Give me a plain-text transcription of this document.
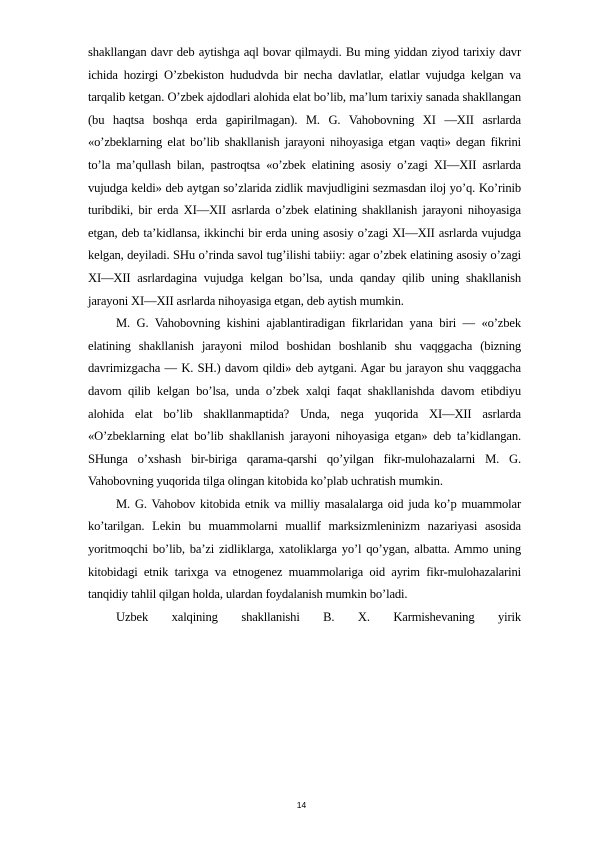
shakllangan davr deb aytishga aql bovar qilmaydi. Bu ming yiddan ziyod tarixiy davr ichida hozirgi O’zbekiston hududvda bir necha davlatlar, elatlar vujudga kelgan va tarqalib ketgan. O’zbek ajdodlari alohida elat bo’lib, ma’lum tarixiy sanada shakllangan (bu haqtsa boshqa erda gapirilmagan). M. G. Vahobovning XI —XII asrlarda «o’zbeklarning elat bo’lib shakllanish jarayoni nihoyasiga etgan vaqti» degan fikrini to’la ma’qullash bilan, pastroqtsa «o’zbek elatining asosiy o’zagi XI—XII asrlarda vujudga keldi» deb aytgan so’zlarida zidlik mavjudligini sezmasdan iloj yo’q. Ko’rinib turibdiki, bir erda XI—XII asrlarda o’zbek elatining shakllanish jarayoni nihoyasiga etgan, deb ta’kidlansa, ikkinchi bir erda uning asosiy o’zagi XI—XII asrlarda vujudga kelgan, deyiladi. SHu o’rinda savol tug’ilishi tabiiy: agar o’zbek elatining asosiy o’zagi XI—XII asrlardagina vujudga kelgan bo’lsa, unda qanday qilib uning shakllanish jarayoni XI—XII asrlarda nihoyasiga etgan, deb aytish mumkin.

M. G. Vahobovning kishini ajablantiradigan fikrlaridan yana biri — «o’zbek elatining shakllanish jarayoni milod boshidan boshlanib shu vaqggacha (bizning davrimizgacha — K. SH.) davom qildi» deb aytgani. Agar bu jarayon shu vaqggacha davom qilib kelgan bo’lsa, unda o’zbek xalqi faqat shakllanishda davom etibdiyu alohida elat bo’lib shakllanmaptida? Unda, nega yuqorida XI—XII asrlarda «O’zbeklarning elat bo’lib shakllanish jarayoni nihoyasiga etgan» deb ta’kidlangan. SHunga o’xshash bir-biriga qarama-qarshi qo’yilgan fikr-mulohazalarni M. G. Vahobovning yuqorida tilga olingan kitobida ko’plab uchratish mumkin.

M. G. Vahobov kitobida etnik va milliy masalalarga oid juda ko’p muammolar ko’tarilgan. Lekin bu muammolarni muallif marksizmleninizm nazariyasi asosida yoritmoqchi bo’lib, ba’zi zidliklarga, xatoliklarga yo’l qo’ygan, albatta. Ammo uning kitobidagi etnik tarixga va etnogenez muammolariga oid ayrim fikr-mulohazalarini tanqidiy tahlil qilgan holda, ulardan foydalanish mumkin bo’ladi.

Uzbek xalqining shakllanishi B. X. Karmishevaning yirik

14
